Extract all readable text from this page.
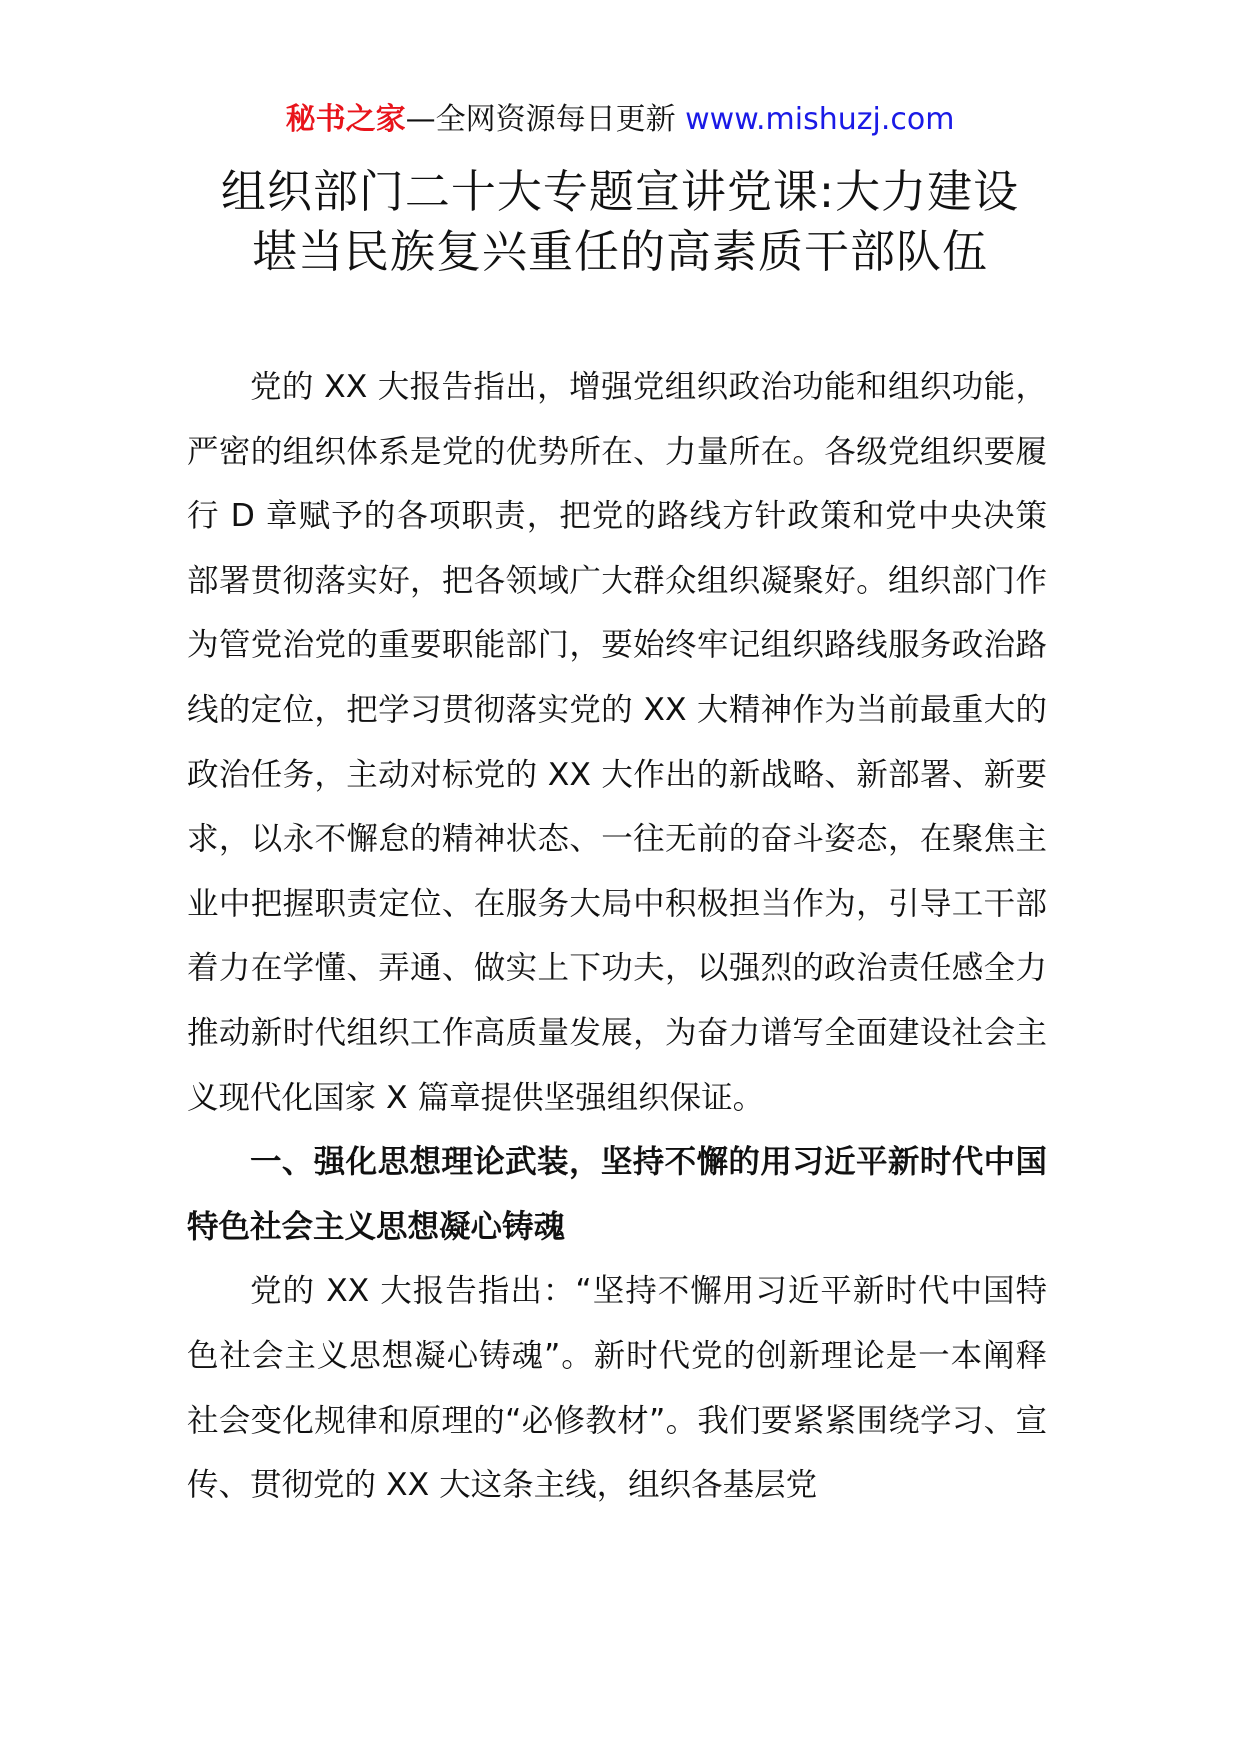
秘书之家—全网资源每日更新 www.mishuzj.com
组织部门二十大专题宣讲党课:大力建设
堪当民族复兴重任的高素质干部队伍

党的 XX 大报告指出，增强党组织政治功能和组织功能，严密的组织体系是党的优势所在、力量所在。各级党组织要履行 D 章赋予的各项职责，把党的路线方针政策和党中央决策部署贯彻落实好，把各领域广大群众组织凝聚好。组织部门作为管党治党的重要职能部门，要始终牢记组织路线服务政治路线的定位，把学习贯彻落实党的 XX 大精神作为当前最重大的政治任务，主动对标党的 XX 大作出的新战略、新部署、新要求，以永不懈怠的精神状态、一往无前的奋斗姿态，在聚焦主业中把握职责定位、在服务大局中积极担当作为，引导工干部着力在学懂、弄通、做实上下功夫，以强烈的政治责任感全力推动新时代组织工作高质量发展，为奋力谱写全面建设社会主义现代化国家 X 篇章提供坚强组织保证。

一、强化思想理论武装，坚持不懈的用习近平新时代中国特色社会主义思想凝心铸魂

党的 XX 大报告指出：“坚持不懈用习近平新时代中国特色社会主义思想凝心铸魂”。新时代党的创新理论是一本阐释社会变化规律和原理的“必修教材”。我们要紧紧围绕学习、宣传、贯彻党的 XX 大这条主线，组织各基层党
